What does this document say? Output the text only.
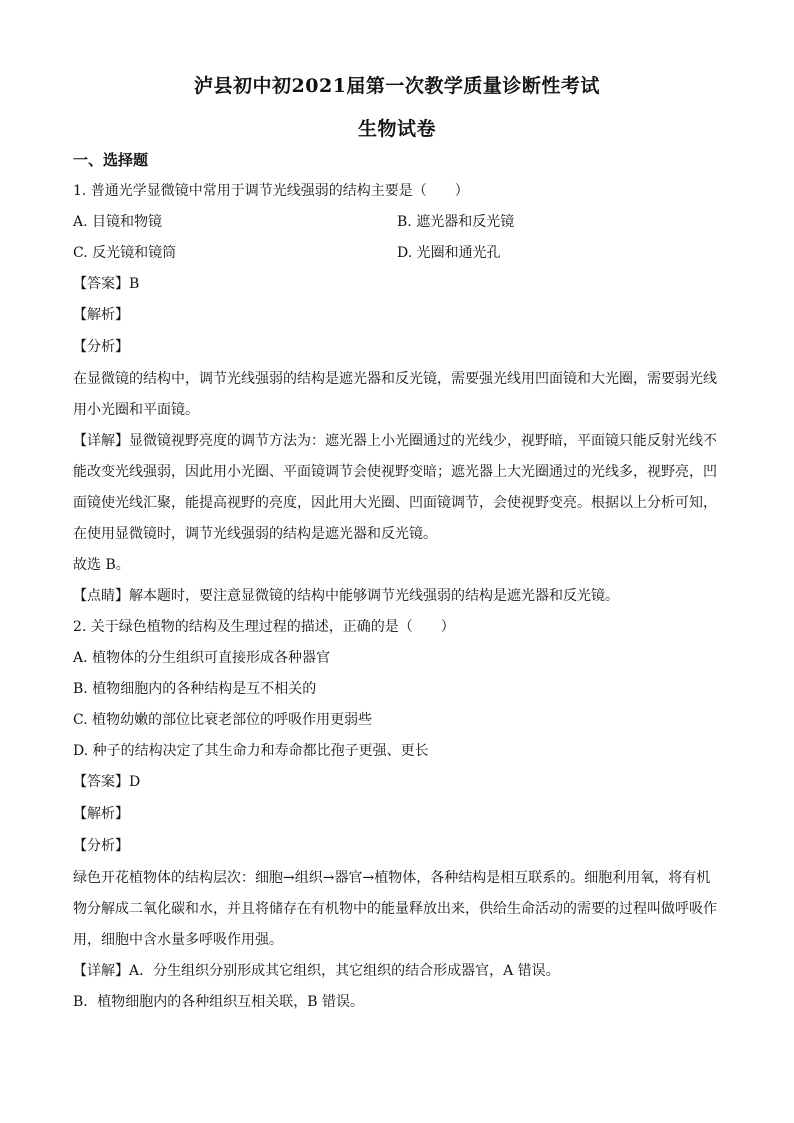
泸县初中初2021届第一次教学质量诊断性考试
生物试卷
一、选择题
1. 普通光学显微镜中常用于调节光线强弱的结构主要是（　　）
A. 目镜和物镜	B. 遮光器和反光镜
C. 反光镜和镜筒	D. 光圈和通光孔
【答案】B
【解析】
【分析】
在显微镜的结构中，调节光线强弱的结构是遮光器和反光镜，需要强光线用凹面镜和大光圈，需要弱光线
用小光圈和平面镜。
【详解】显微镜视野亮度的调节方法为：遮光器上小光圈通过的光线少，视野暗，平面镜只能反射光线不
能改变光线强弱，因此用小光圈、平面镜调节会使视野变暗；遮光器上大光圈通过的光线多，视野亮，凹
面镜使光线汇聚，能提高视野的亮度，因此用大光圈、凹面镜调节，会使视野变亮。根据以上分析可知，
在使用显微镜时，调节光线强弱的结构是遮光器和反光镜。
故选 B。
【点睛】解本题时，要注意显微镜的结构中能够调节光线强弱的结构是遮光器和反光镜。
2. 关于绿色植物的结构及生理过程的描述，正确的是（　　）
A. 植物体的分生组织可直接形成各种器官
B. 植物细胞内的各种结构是互不相关的
C. 植物幼嫩的部位比衰老部位的呼吸作用更弱些
D. 种子的结构决定了其生命力和寿命都比孢子更强、更长
【答案】D
【解析】
【分析】
绿色开花植物体的结构层次：细胞→组织→器官→植物体，各种结构是相互联系的。细胞利用氧，将有机
物分解成二氧化碳和水，并且将储存在有机物中的能量释放出来，供给生命活动的需要的过程叫做呼吸作
用，细胞中含水量多呼吸作用强。
【详解】A．分生组织分别形成其它组织，其它组织的结合形成器官，A 错误。
B．植物细胞内的各种组织互相关联，B 错误。
